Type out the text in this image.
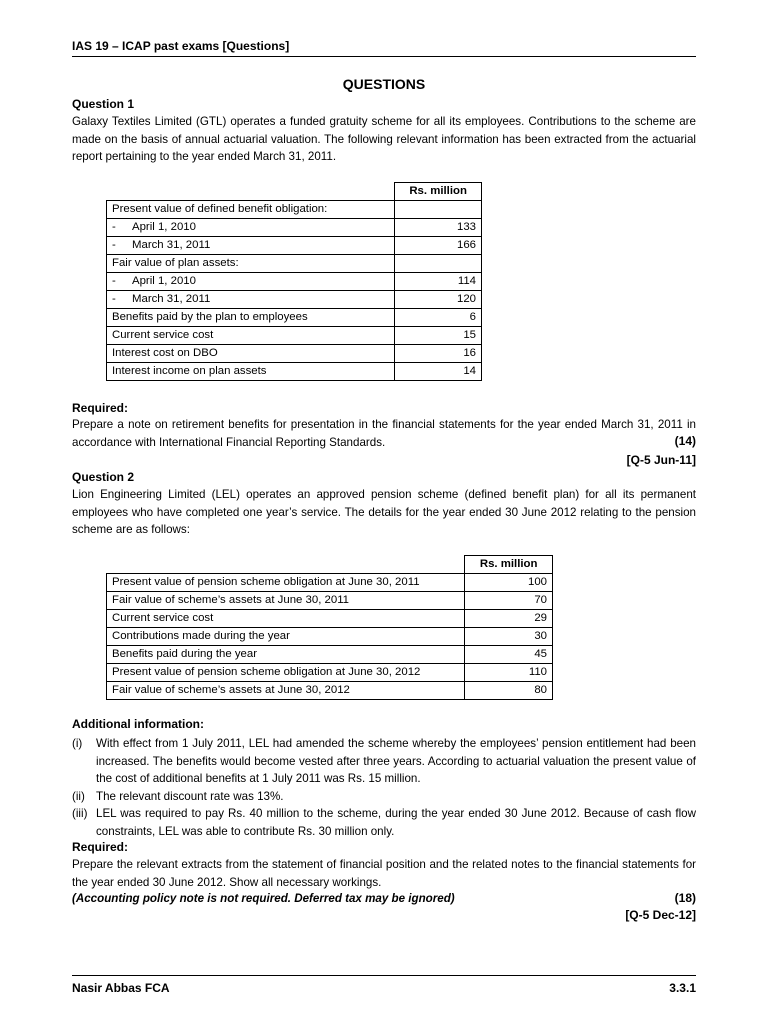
IAS 19 – ICAP past exams [Questions]
QUESTIONS
Question 1
Galaxy Textiles Limited (GTL) operates a funded gratuity scheme for all its employees. Contributions to the scheme are made on the basis of annual actuarial valuation. The following relevant information has been extracted from the actuarial report pertaining to the year ended March 31, 2011.
	Rs. million
Present value of defined benefit obligation:	
- April 1, 2010	133
- March 31, 2011	166
Fair value of plan assets:	
- April 1, 2010	114
- March 31, 2011	120
Benefits paid by the plan to employees	6
Current service cost	15
Interest cost on DBO	16
Interest income on plan assets	14
Required:
Prepare a note on retirement benefits for presentation in the financial statements for the year ended March 31, 2011 in accordance with International Financial Reporting Standards.	(14)
[Q-5 Jun-11]
Question 2
Lion Engineering Limited (LEL) operates an approved pension scheme (defined benefit plan) for all its permanent employees who have completed one year’s service. The details for the year ended 30 June 2012 relating to the pension scheme are as follows:
	Rs. million
Present value of pension scheme obligation at June 30, 2011	100
Fair value of scheme’s assets at June 30, 2011	70
Current service cost	29
Contributions made during the year	30
Benefits paid during the year	45
Present value of pension scheme obligation at June 30, 2012	110
Fair value of scheme’s assets at June 30, 2012	80
Additional information:
(i) With effect from 1 July 2011, LEL had amended the scheme whereby the employees’ pension entitlement had been increased. The benefits would become vested after three years. According to actuarial valuation the present value of the cost of additional benefits at 1 July 2011 was Rs. 15 million.
(ii) The relevant discount rate was 13%.
(iii) LEL was required to pay Rs. 40 million to the scheme, during the year ended 30 June 2012. Because of cash flow constraints, LEL was able to contribute Rs. 30 million only.
Required:
Prepare the relevant extracts from the statement of financial position and the related notes to the financial statements for the year ended 30 June 2012. Show all necessary workings.
(Accounting policy note is not required. Deferred tax may be ignored)	(18)
[Q-5 Dec-12]
Nasir Abbas FCA	3.3.1
